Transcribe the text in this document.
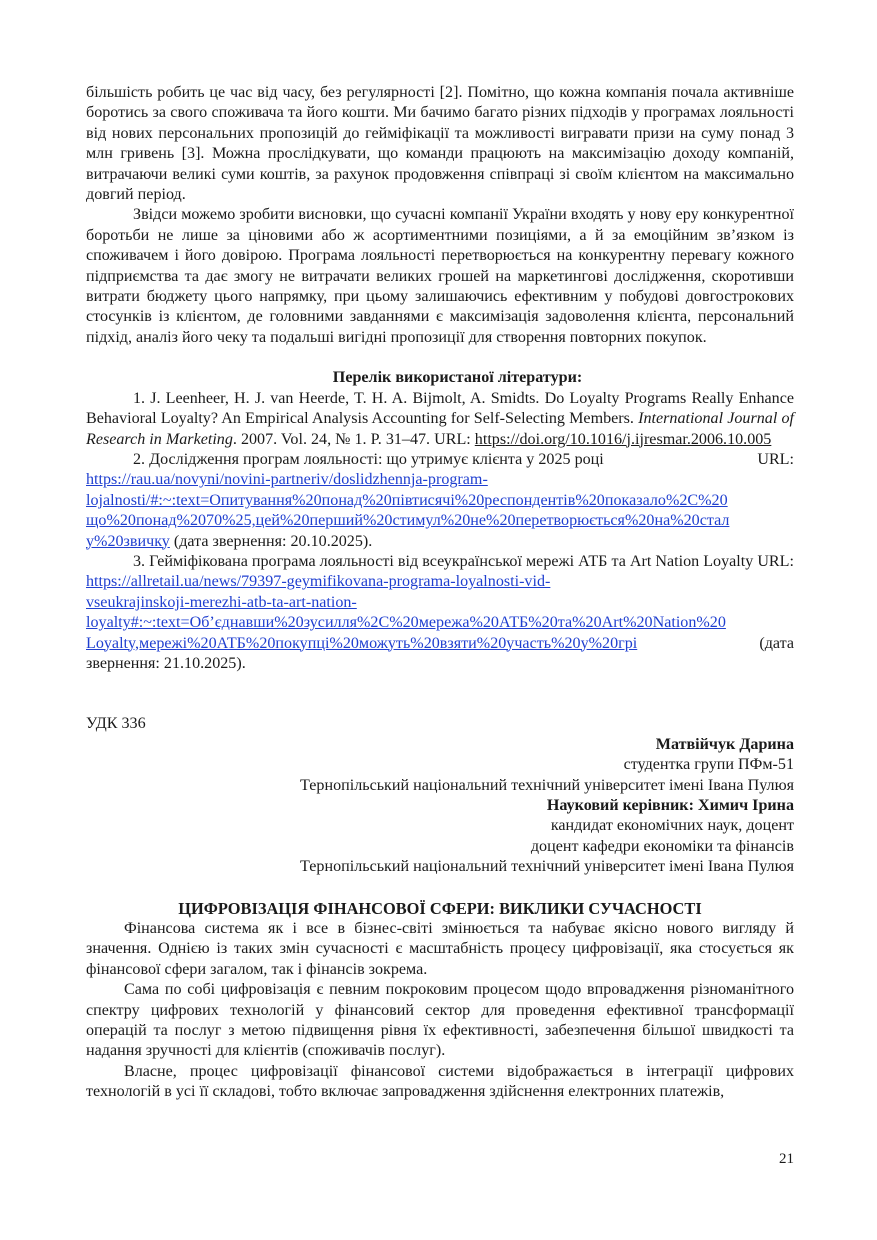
більшість робить це час від часу, без регулярності [2]. Помітно, що кожна компанія почала активніше боротись за свого споживача та його кошти. Ми бачимо багато різних підходів у програмах лояльності від нових персональних пропозицій до гейміфікації та можливості вигравати призи на суму понад 3 млн гривень [3]. Можна прослідкувати, що команди працюють на максимізацію доходу компаній, витрачаючи великі суми коштів, за рахунок продовження співпраці зі своїм клієнтом на максимально довгий період.

Звідси можемо зробити висновки, що сучасні компанії України входять у нову еру конкурентної боротьби не лише за ціновими або ж асортиментними позиціями, а й за емоційним зв’язком із споживачем і його довірою. Програма лояльності перетворюється на конкурентну перевагу кожного підприємства та дає змогу не витрачати великих грошей на маркетингові дослідження, скоротивши витрати бюджету цього напрямку, при цьому залишаючись ефективним у побудові довгострокових стосунків із клієнтом, де головними завданнями є максимізація задоволення клієнта, персональний підхід, аналіз його чеку та подальші вигідні пропозиції для створення повторних покупок.

Перелік використаної літератури:

1. J. Leenheer, H. J. van Heerde, T. H. A. Bijmolt, A. Smidts. Do Loyalty Programs Really Enhance Behavioral Loyalty? An Empirical Analysis Accounting for Self-Selecting Members. International Journal of Research in Marketing. 2007. Vol. 24, № 1. P. 31–47. URL: https://doi.org/10.1016/j.ijresmar.2006.10.005

2. Дослідження програм лояльності: що утримує клієнта у 2025 році	URL:

https://rau.ua/novyni/novini-partneriv/doslidzhennja-program-
lojalnosti/#:~:text=Опитування%20понад%20півтисячі%20респондентів%20показало%2C%20
що%20понад%2070%25,цей%20перший%20стимул%20не%20перетворюється%20на%20стал
у%20звичку (дата звернення: 20.10.2025).

3. Гейміфікована програма лояльності від всеукраїнської мережі АТБ та Art Nation Loyalty URL: https://allretail.ua/news/79397-geymifikovana-programa-loyalnosti-vid-

vseukrajinskoji-merezhi-atb-ta-art-nation-
loyalty#:~:text=Об’єднавши%20зусилля%2C%20мережа%20АТБ%20та%20Art%20Nation%20
Loyalty,мережі%20АТБ%20покупці%20можуть%20взяти%20участь%20у%20грі	(дата

звернення: 21.10.2025).

УДК 336

Матвійчук Дарина

студентка групи ПФм-51

Тернопільський національний технічний університет імені Івана Пулюя

Науковий керівник: Химич Ірина

кандидат економічних наук, доцент

доцент кафедри економіки та фінансів

Тернопільський національний технічний університет імені Івана Пулюя

ЦИФРОВІЗАЦІЯ ФІНАНСОВОЇ СФЕРИ: ВИКЛИКИ СУЧАСНОСТІ

Фінансова система як і все в бізнес-світі змінюється та набуває якісно нового вигляду й значення. Однією із таких змін сучасності є масштабність процесу цифровізації, яка стосується як фінансової сфери загалом, так і фінансів зокрема.

Сама по собі цифровізація є певним покроковим процесом щодо впровадження різноманітного спектру цифрових технологій у фінансовий сектор для проведення ефективної трансформації операцій та послуг з метою підвищення рівня їх ефективності, забезпечення більшої швидкості та надання зручності для клієнтів (споживачів послуг).

Власне, процес цифровізації фінансової системи відображається в інтеграції цифрових технологій в усі її складові, тобто включає запровадження здійснення електронних платежів,

21
